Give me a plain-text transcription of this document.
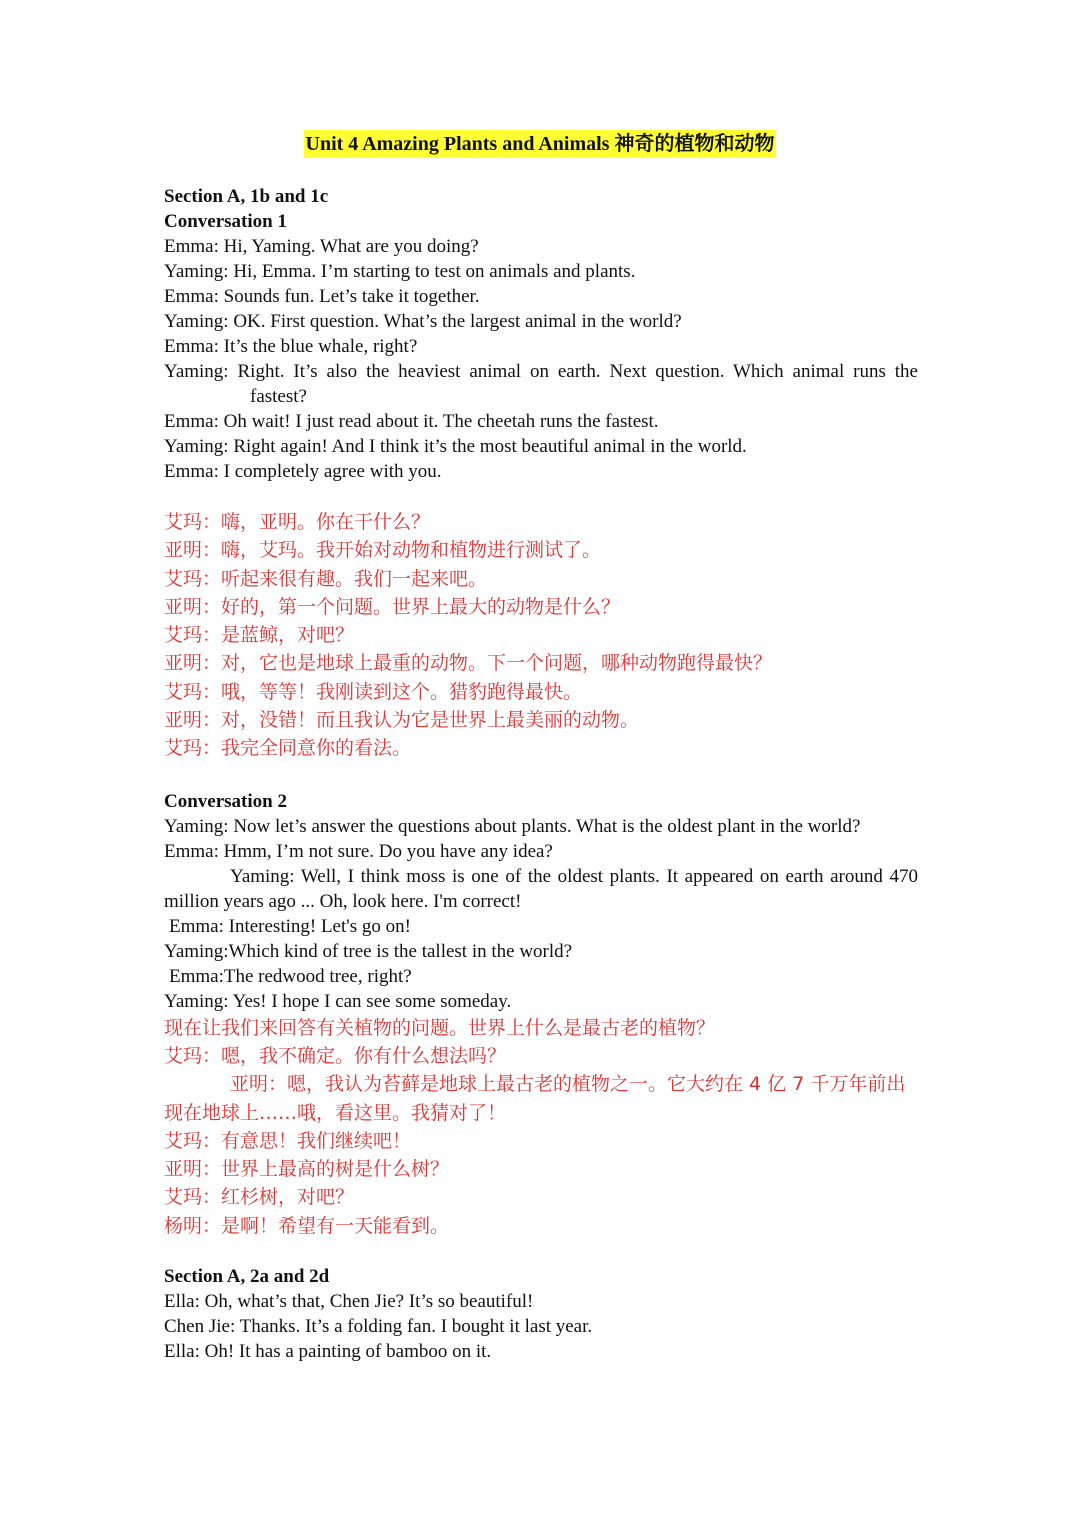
Unit 4 Amazing Plants and Animals 神奇的植物和动物

Section A, 1b and 1c

Conversation 1

Emma: Hi, Yaming. What are you doing?

Yaming: Hi, Emma. I’m starting to test on animals and plants.

Emma: Sounds fun. Let’s take it together.

Yaming: OK. First question. What’s the largest animal in the world?

Emma: It’s the blue whale, right?

Yaming: Right. It’s also the heaviest animal on earth. Next question. Which animal runs the fastest?

Emma: Oh wait! I just read about it. The cheetah runs the fastest.

Yaming: Right again! And I think it’s the most beautiful animal in the world.

Emma: I completely agree with you.

艾玛：嗨，亚明。你在干什么？

亚明：嗨，艾玛。我开始对动物和植物进行测试了。

艾玛：听起来很有趣。我们一起来吧。

亚明：好的，第一个问题。世界上最大的动物是什么？

艾玛：是蓝鲸，对吧？

亚明：对，它也是地球上最重的动物。下一个问题，哪种动物跑得最快？

艾玛：哦，等等！我刚读到这个。猎豹跑得最快。

亚明：对，没错！而且我认为它是世界上最美丽的动物。

艾玛：我完全同意你的看法。

Conversation 2

Yaming: Now let’s answer the questions about plants. What is the oldest plant in the world?

Emma: Hmm, I’m not sure. Do you have any idea?

Yaming: Well, I think moss is one of the oldest plants. It appeared on earth around 470 million years ago ... Oh, look here. I'm correct!

Emma: Interesting! Let's go on!

Yaming:Which kind of tree is the tallest in the world?

Emma:The redwood tree, right?

Yaming: Yes! I hope I can see some someday.

现在让我们来回答有关植物的问题。世界上什么是最古老的植物？

艾玛：嗯，我不确定。你有什么想法吗？

亚明：嗯，我认为苔藓是地球上最古老的植物之一。它大约在 4 亿 7 千万年前出现在地球上……哦，看这里。我猜对了！

艾玛：有意思！我们继续吧！

亚明：世界上最高的树是什么树？

艾玛：红杉树，对吧？

杨明：是啊！希望有一天能看到。

Section A, 2a and 2d

Ella: Oh, what’s that, Chen Jie? It’s so beautiful!

Chen Jie: Thanks. It’s a folding fan. I bought it last year.

Ella: Oh! It has a painting of bamboo on it.
